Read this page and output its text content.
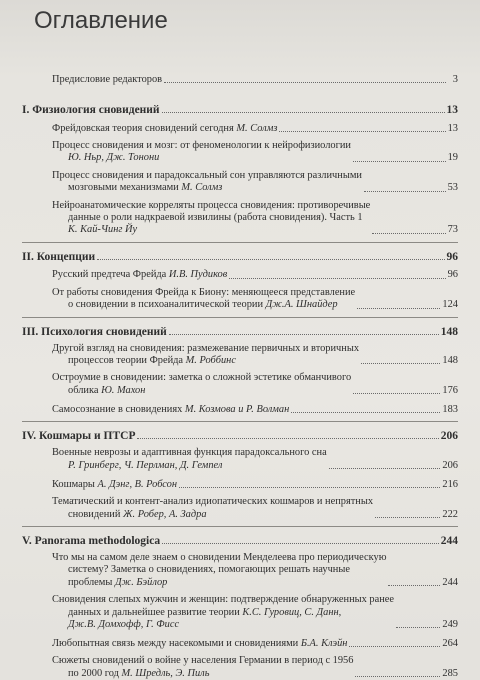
Оглавление
Предисловие редакторов	3
I. Физиология сновидений	13
Фрейдовская теория сновидений сегодня М. Солмз	13
Процесс сновидения и мозг: от феноменологии к нейрофизиологии
Ю. Ньр, Дж. Тонони	19
Процесс сновидения и парадоксальный сон управляются различными
мозговыми механизмами М. Солмз	53
Нейроанатомические корреляты процесса сновидения: противоречивые
данные о роли надкраевой извилины (работа сновидения). Часть 1
К. Кай-Чинг Йу	73
II. Концепции	96
Русский предтеча Фрейда И.В. Пудиков	96
От работы сновидения Фрейда к Биону: меняющееся представление
о сновидении в психоаналитической теории Дж.А. Шнайдер	124
III. Психология сновидений	148
Другой взгляд на сновидения: размежевание первичных и вторичных
процессов теории Фрейда М. Роббинс	148
Остроумие в сновидении: заметка о сложной эстетике обманчивого
облика Ю. Махон	176
Самосознание в сновидениях М. Козмова и Р. Волман	183
IV. Кошмары и ПТСР	206
Военные неврозы и адаптивная функция парадоксального сна
Р. Гринберг, Ч. Перлман, Д. Гемпел	206
Кошмары А. Дэнг, В. Робсон	216
Тематический и контент-анализ идиопатических кошмаров и непрятных
сновидений Ж. Робер, А. Задра	222
V. Panorama methodologica	244
Что мы на самом деле знаем о сновидении Менделеева про периодическую
систему? Заметка о сновидениях, помогающих решать научные
проблемы Дж. Бэйлор	244
Сновидения слепых мужчин и женщин: подтверждение обнаруженных ранее
данных и дальнейшее развитие теории К.С. Гуровиц, С. Данн,
Дж.В. Домхофф, Г. Фисс	249
Любопытная связь между насекомыми и сновидениями Б.А. Клэйн	264
Сюжеты сновидений о войне у населения Германии в период с 1956
по 2000 год М. Шредль, Э. Пиль	285
